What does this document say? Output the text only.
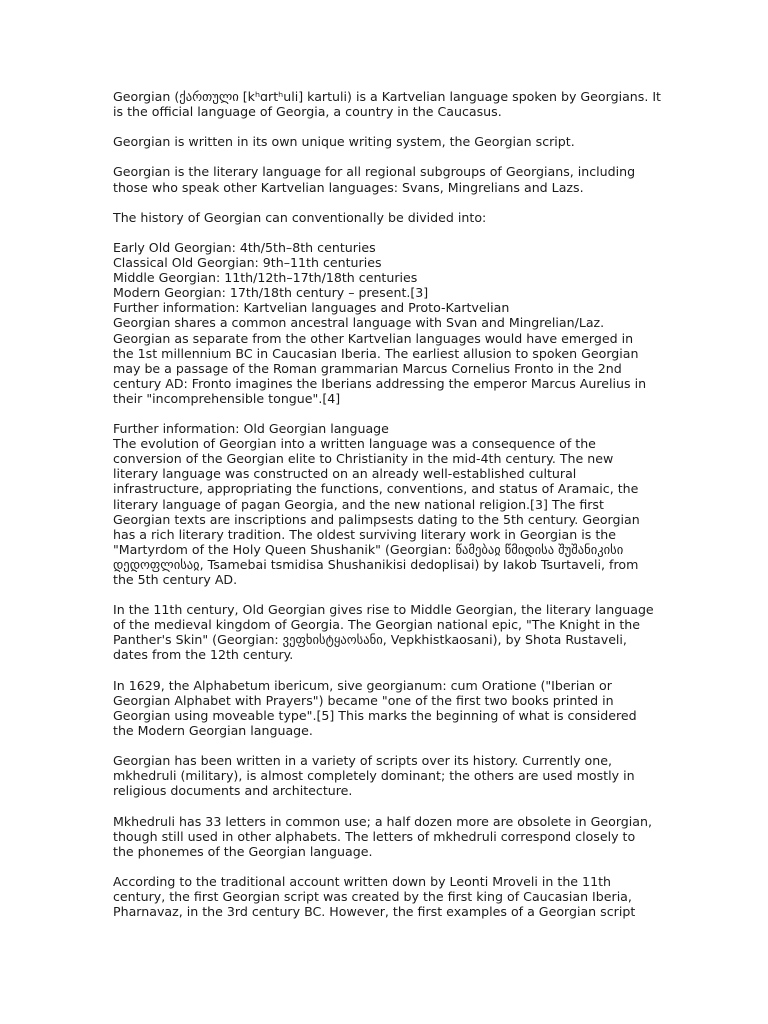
Georgian (ქართული [kʰɑrtʰuli] kartuli) is a Kartvelian language spoken by Georgians. It
is the official language of Georgia, a country in the Caucasus.

Georgian is written in its own unique writing system, the Georgian script.

Georgian is the literary language for all regional subgroups of Georgians, including
those who speak other Kartvelian languages: Svans, Mingrelians and Lazs.

The history of Georgian can conventionally be divided into:

Early Old Georgian: 4th/5th–8th centuries
Classical Old Georgian: 9th–11th centuries
Middle Georgian: 11th/12th–17th/18th centuries
Modern Georgian: 17th/18th century – present.[3]
Further information: Kartvelian languages and Proto-Kartvelian
Georgian shares a common ancestral language with Svan and Mingrelian/Laz.
Georgian as separate from the other Kartvelian languages would have emerged in
the 1st millennium BC in Caucasian Iberia. The earliest allusion to spoken Georgian
may be a passage of the Roman grammarian Marcus Cornelius Fronto in the 2nd
century AD: Fronto imagines the Iberians addressing the emperor Marcus Aurelius in
their "incomprehensible tongue".[4]

Further information: Old Georgian language
The evolution of Georgian into a written language was a consequence of the
conversion of the Georgian elite to Christianity in the mid-4th century. The new
literary language was constructed on an already well-established cultural
infrastructure, appropriating the functions, conventions, and status of Aramaic, the
literary language of pagan Georgia, and the new national religion.[3] The first
Georgian texts are inscriptions and palimpsests dating to the 5th century. Georgian
has a rich literary tradition. The oldest surviving literary work in Georgian is the
"Martyrdom of the Holy Queen Shushanik" (Georgian: წამებაჲ წმიდისა შუშანიკისი
დედოფლისაჲ, Tsamebai tsmidisa Shushanikisi dedoplisai) by Iakob Tsurtaveli, from
the 5th century AD.

In the 11th century, Old Georgian gives rise to Middle Georgian, the literary language
of the medieval kingdom of Georgia. The Georgian national epic, "The Knight in the
Panther's Skin" (Georgian: ვეფხისტყაოსანი, Vepkhistkaosani), by Shota Rustaveli,
dates from the 12th century.

In 1629, the Alphabetum ibericum, sive georgianum: cum Oratione ("Iberian or
Georgian Alphabet with Prayers") became "one of the first two books printed in
Georgian using moveable type".[5] This marks the beginning of what is considered
the Modern Georgian language.

Georgian has been written in a variety of scripts over its history. Currently one,
mkhedruli (military), is almost completely dominant; the others are used mostly in
religious documents and architecture.

Mkhedruli has 33 letters in common use; a half dozen more are obsolete in Georgian,
though still used in other alphabets. The letters of mkhedruli correspond closely to
the phonemes of the Georgian language.

According to the traditional account written down by Leonti Mroveli in the 11th
century, the first Georgian script was created by the first king of Caucasian Iberia,
Pharnavaz, in the 3rd century BC. However, the first examples of a Georgian script
